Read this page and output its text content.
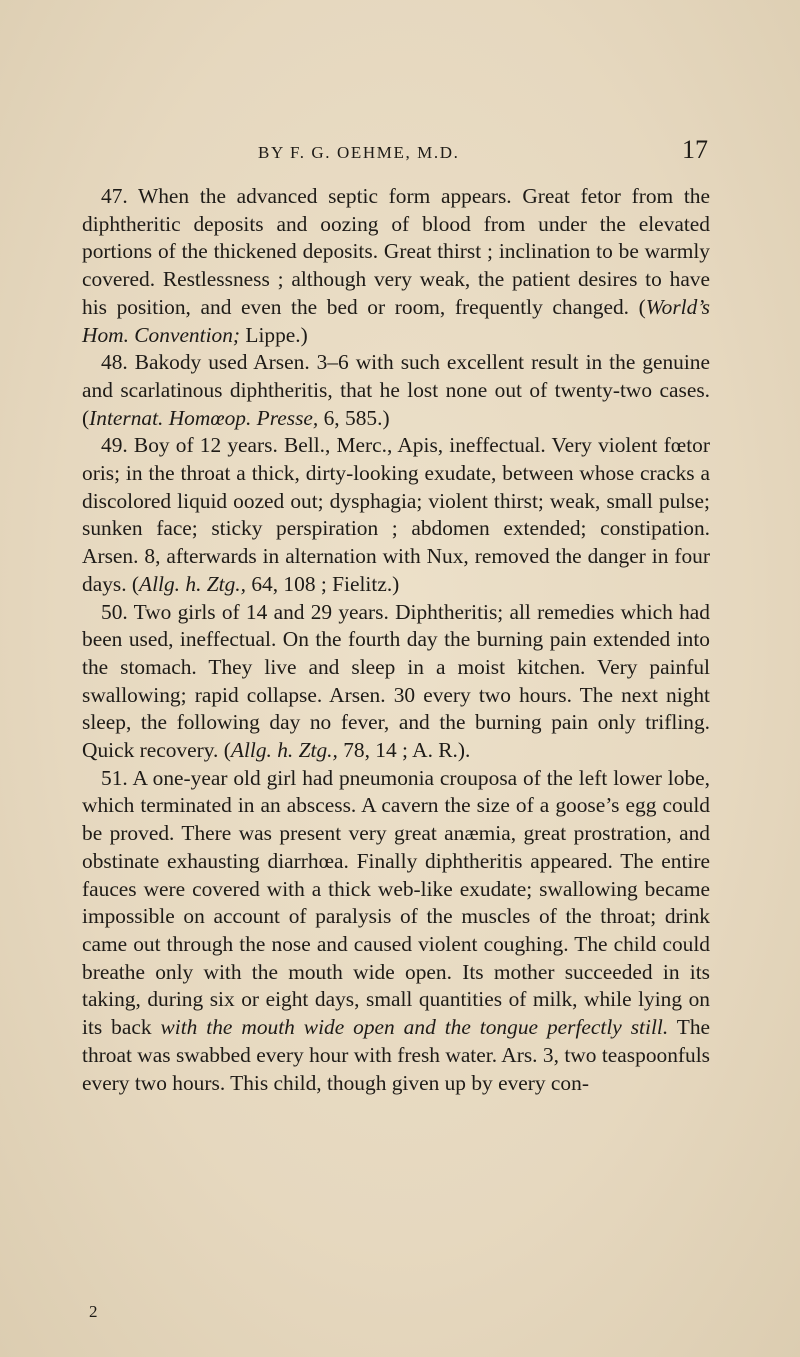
BY F. G. OEHME, M.D.	17

47. When the advanced septic form appears. Great fetor from the diphtheritic deposits and oozing of blood from under the elevated portions of the thickened deposits. Great thirst ; inclination to be warmly covered. Restlessness ; although very weak, the patient desires to have his position, and even the bed or room, frequently changed. (World’s Hom. Convention; Lippe.)

48. Bakody used Arsen. 3–6 with such excellent result in the genuine and scarlatinous diphtheritis, that he lost none out of twenty-two cases. (Internat. Homœop. Presse, 6, 585.)

49. Boy of 12 years. Bell., Merc., Apis, ineffectual. Very violent fœtor oris; in the throat a thick, dirty-looking exudate, between whose cracks a discolored liquid oozed out; dysphagia; violent thirst; weak, small pulse; sunken face; sticky perspiration ; abdomen extended; constipation. Arsen. 8, afterwards in alternation with Nux, removed the danger in four days. (Allg. h. Ztg., 64, 108 ; Fielitz.)

50. Two girls of 14 and 29 years. Diphtheritis; all remedies which had been used, ineffectual. On the fourth day the burning pain extended into the stomach. They live and sleep in a moist kitchen. Very painful swallowing; rapid collapse. Arsen. 30 every two hours. The next night sleep, the following day no fever, and the burning pain only trifling. Quick recovery. (Allg. h. Ztg., 78, 14 ; A. R.).

51. A one-year old girl had pneumonia crouposa of the left lower lobe, which terminated in an abscess. A cavern the size of a goose’s egg could be proved. There was present very great anæmia, great prostration, and obstinate exhausting diarrhœa. Finally diphtheritis appeared. The entire fauces were covered with a thick web-like exudate; swallowing became impossible on account of paralysis of the muscles of the throat; drink came out through the nose and caused violent coughing. The child could breathe only with the mouth wide open. Its mother succeeded in its taking, during six or eight days, small quantities of milk, while lying on its back with the mouth wide open and the tongue perfectly still. The throat was swabbed every hour with fresh water. Ars. 3, two teaspoonfuls every two hours. This child, though given up by every con-

2
